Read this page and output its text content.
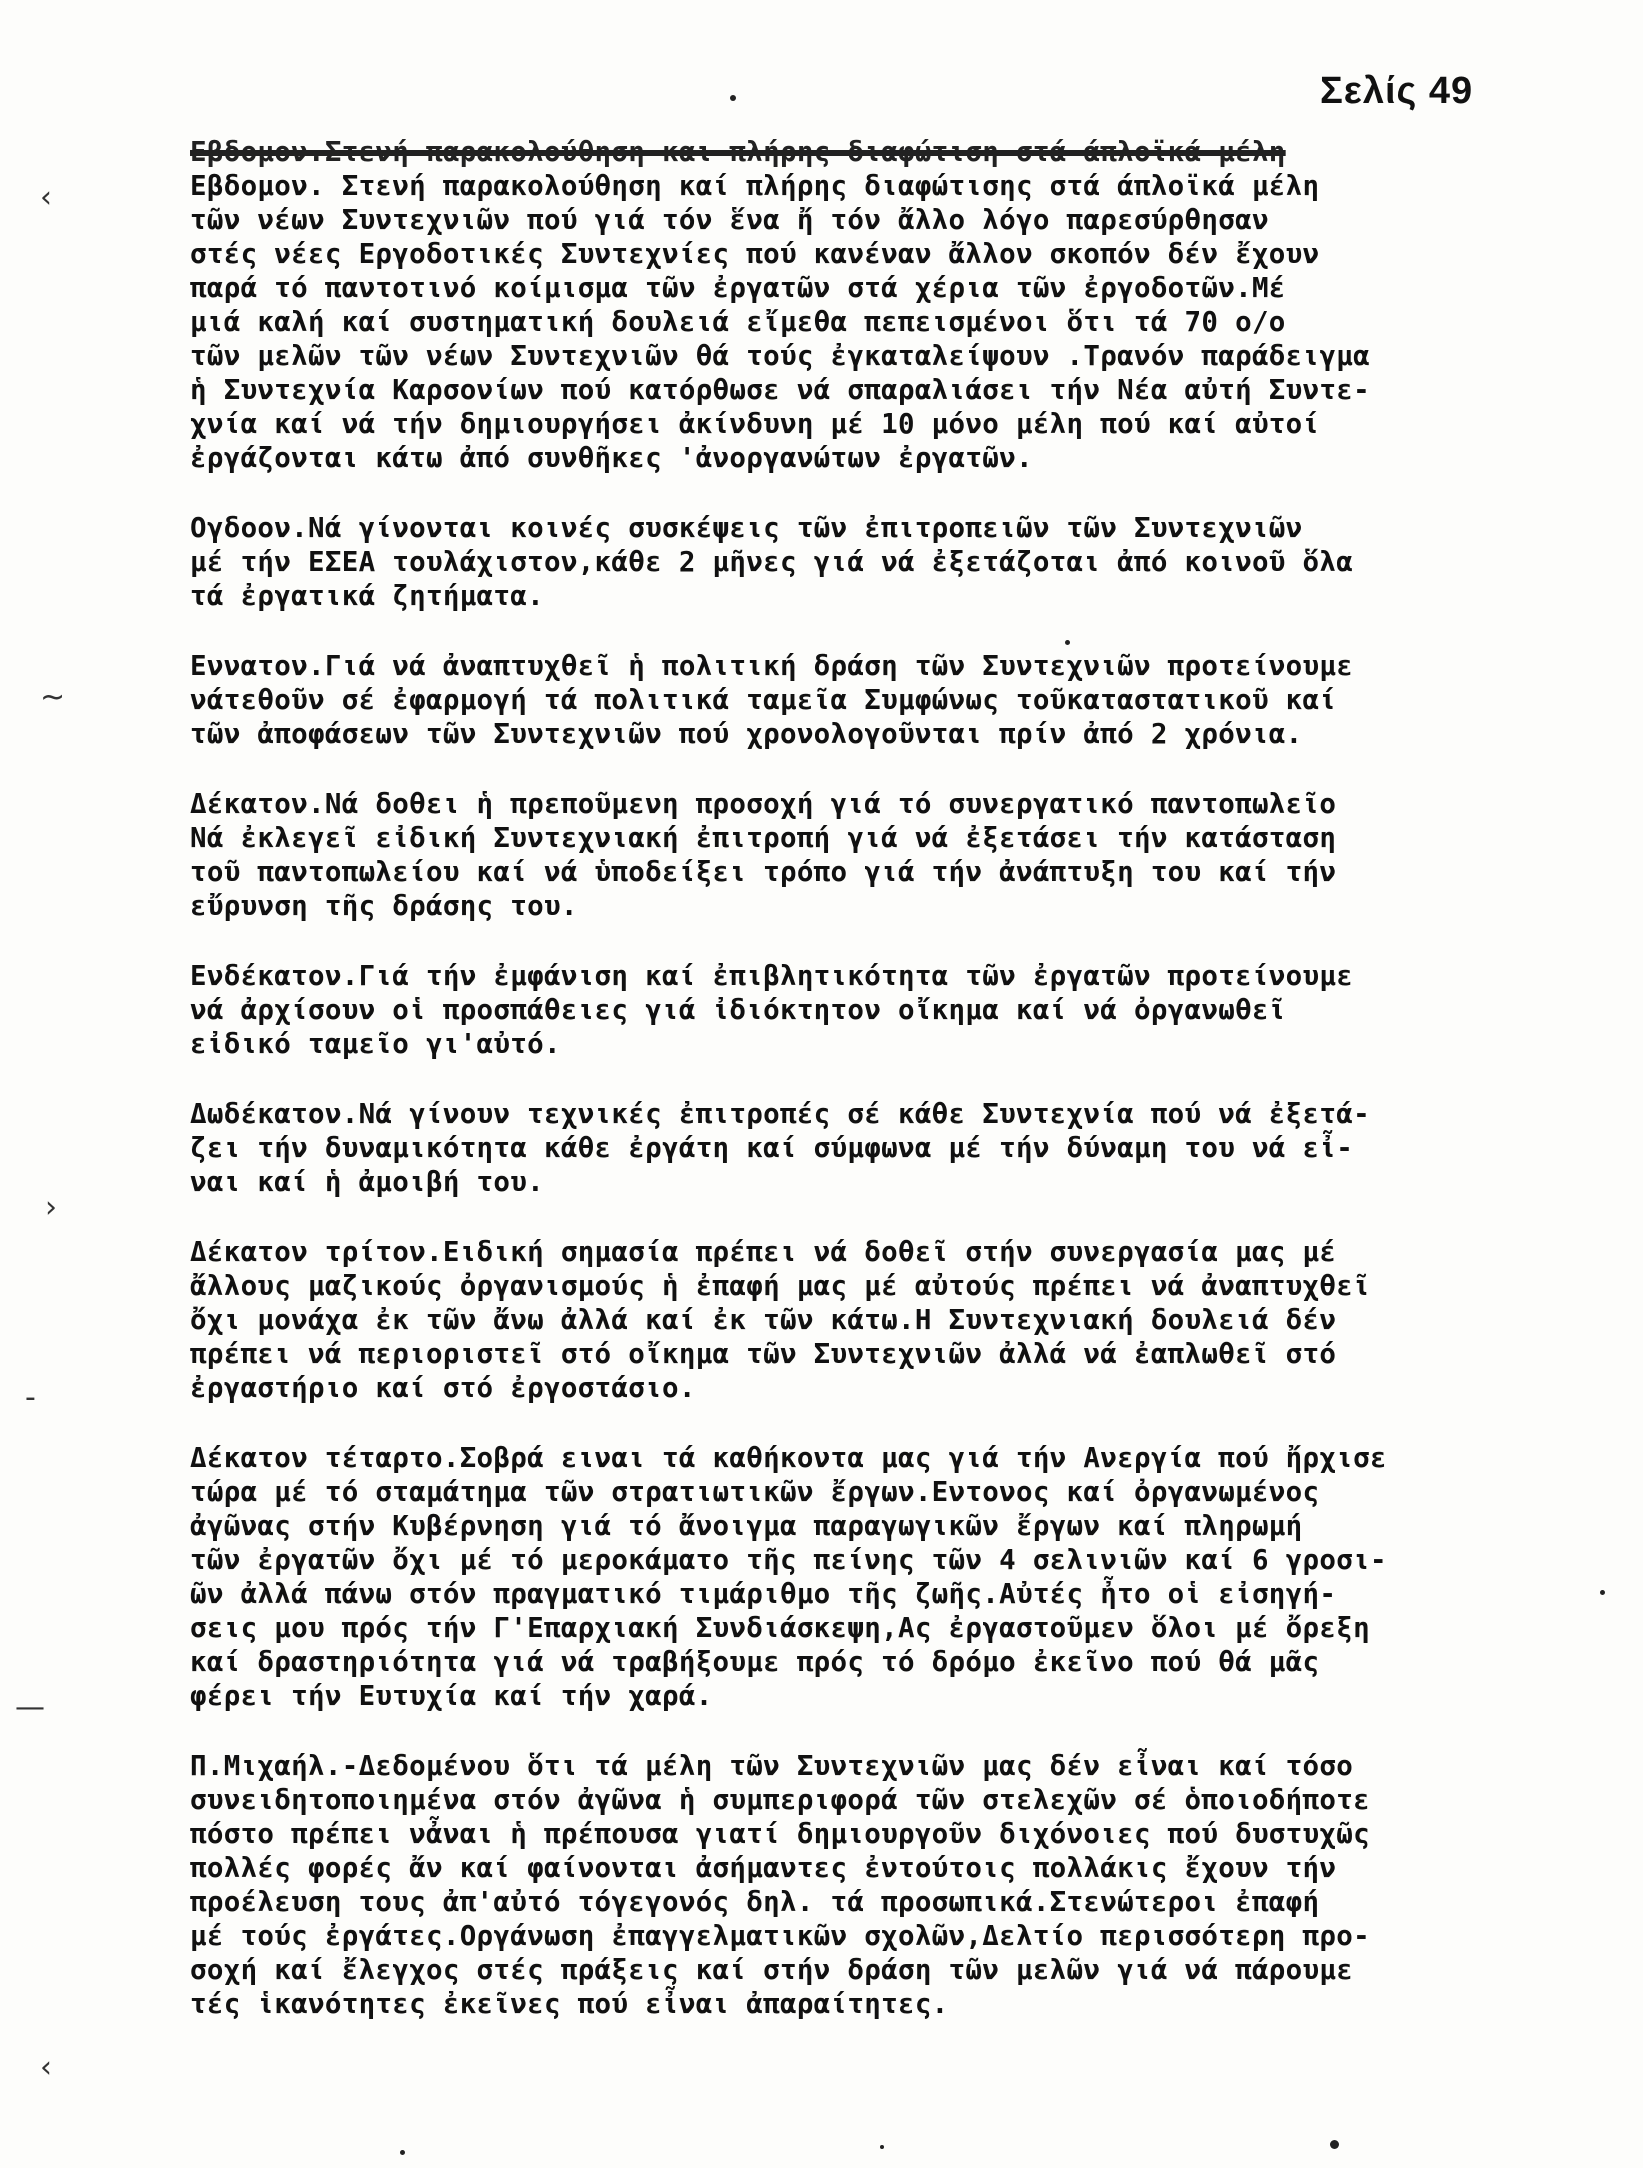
Σελίς 49
Εβδομον.Στενή παρακολούθηση και πλήρης διαφώτιση στά άπλοϊκά μέλη

Εβδομον. Στενή παρακολούθηση καί πλήρης διαφώτισης στά άπλοϊκά μέλη
τῶν νέων Συντεχνιῶν πού γιά τόν ἕνα ἤ τόν ἄλλο λόγο παρεσύρθησαν
στές νέες Εργοδοτικές Συντεχνίες πού κανέναν ἄλλον σκοπόν δέν ἔχουν
παρά τό παντοτινό κοίμισμα τῶν ἐργατῶν στά χέρια τῶν ἐργοδοτῶν.Μέ
μιά καλή καί συστηματική δουλειά εἴμεθα πεπεισμένοι ὅτι τά 70 ο/ο
τῶν μελῶν τῶν νέων Συντεχνιῶν θά τούς ἐγκαταλείψουν .Τρανόν παράδειγμα
ἡ Συντεχνία Καρσονίων πού κατόρθωσε νά σπαραλιάσει τήν Νέα αὐτή Συντε-
χνία καί νά τήν δημιουργήσει ἀκίνδυνη μέ 10 μόνο μέλη πού καί αὐτοί
ἐργάζονται κάτω ἀπό συνθῆκες 'ἀνοργανώτων ἐργατῶν.

Ογδοον.Νά γίνονται κοινές συσκέψεις τῶν ἐπιτροπειῶν τῶν Συντεχνιῶν
μέ τήν ΕΣΕΑ τουλάχιστον,κάθε 2 μῆνες γιά νά ἐξετάζοται ἀπό κοινοῦ ὅλα
τά ἐργατικά ζητήματα.

Εννατον.Γιά νά ἀναπτυχθεῖ ἡ πολιτική δράση τῶν Συντεχνιῶν προτείνουμε
νάτεθοῦν σέ ἐφαρμογή τά πολιτικά ταμεῖα Συμφώνως τοῦκαταστατικοῦ καί
τῶν ἀποφάσεων τῶν Συντεχνιῶν πού χρονολογοῦνται πρίν ἀπό 2 χρόνια.

Δέκατον.Νά δοθει ἡ πρεποῦμενη προσοχή γιά τό συνεργατικό παντοπωλεῖο
Νά ἐκλεγεῖ εἰδική Συντεχνιακή ἐπιτροπή γιά νά ἐξετάσει τήν κατάσταση
τοῦ παντοπωλείου καί νά ὑποδείξει τρόπο γιά τήν ἀνάπτυξη του καί τήν
εὔρυνση τῆς δράσης του.

Ενδέκατον.Γιά τήν ἐμφάνιση καί ἐπιβλητικότητα τῶν ἐργατῶν προτείνουμε
νά ἀρχίσουν οἱ προσπάθειες γιά ἰδιόκτητον οἴκημα καί νά ὀργανωθεῖ
εἰδικό ταμεῖο γι'αὐτό.

Δωδέκατον.Νά γίνουν τεχνικές ἐπιτροπές σέ κάθε Συντεχνία πού νά ἐξετά-
ζει τήν δυναμικότητα κάθε ἐργάτη καί σύμφωνα μέ τήν δύναμη του νά εἶ-
ναι καί ἡ ἀμοιβή του.

Δέκατον τρίτον.Ειδική σημασία πρέπει νά δοθεῖ στήν συνεργασία μας μέ
ἄλλους μαζικούς ὀργανισμούς ἡ ἐπαφή μας μέ αὐτούς πρέπει νά ἀναπτυχθεῖ
ὄχι μονάχα ἐκ τῶν ἄνω ἀλλά καί ἐκ τῶν κάτω.Η Συντεχνιακή δουλειά δέν
πρέπει νά περιοριστεῖ στό οἴκημα τῶν Συντεχνιῶν ἀλλά νά ἐαπλωθεῖ στό
ἐργαστήριο καί στό ἐργοστάσιο.

Δέκατον τέταρτο.Σοβρά ειναι τά καθήκοντα μας γιά τήν Ανεργία πού ἤρχισε
τώρα μέ τό σταμάτημα τῶν στρατιωτικῶν ἔργων.Εντονος καί ὀργανωμένος
ἀγῶνας στήν Κυβέρνηση γιά τό ἄνοιγμα παραγωγικῶν ἔργων καί πληρωμή
τῶν ἐργατῶν ὄχι μέ τό μεροκάματο τῆς πείνης τῶν 4 σελινιῶν καί 6 γροσι-
ῶν ἀλλά πάνω στόν πραγματικό τιμάριθμο τῆς ζωῆς.Αὐτές ἦτο οἱ εἰσηγή-
σεις μου πρός τήν Γ'Επαρχιακή Συνδιάσκεψη,Ας ἐργαστοῦμεν ὅλοι μέ ὄρεξη
καί δραστηριότητα γιά νά τραβήξουμε πρός τό δρόμο ἐκεῖνο πού θά μᾶς
φέρει τήν Ευτυχία καί τήν χαρά.

Π.Μιχαήλ.-Δεδομένου ὅτι τά μέλη τῶν Συντεχνιῶν μας δέν εἶναι καί τόσο
συνειδητοποιημένα στόν ἀγῶνα ἡ συμπεριφορά τῶν στελεχῶν σέ ὁποιοδήποτε
πόστο πρέπει νἆναι ἡ πρέπουσα γιατί δημιουργοῦν διχόνοιες πού δυστυχῶς
πολλές φορές ἄν καί φαίνονται ἀσήμαντες ἐντούτοις πολλάκις ἔχουν τήν
προέλευση τους ἀπ'αὐτό τόγεγονός δηλ. τά προσωπικά.Στενώτεροι ἐπαφή
μέ τούς ἐργάτες.Οργάνωση ἐπαγγελματικῶν σχολῶν,Δελτίο περισσότερη προ-
σοχή καί ἔλεγχος στές πράξεις καί στήν δράση τῶν μελῶν γιά νά πάρουμε
τές ἱκανότητες ἐκεῖνες πού εἶναι ἀπαραίτητες.

‹
~
›
-
—
‹
